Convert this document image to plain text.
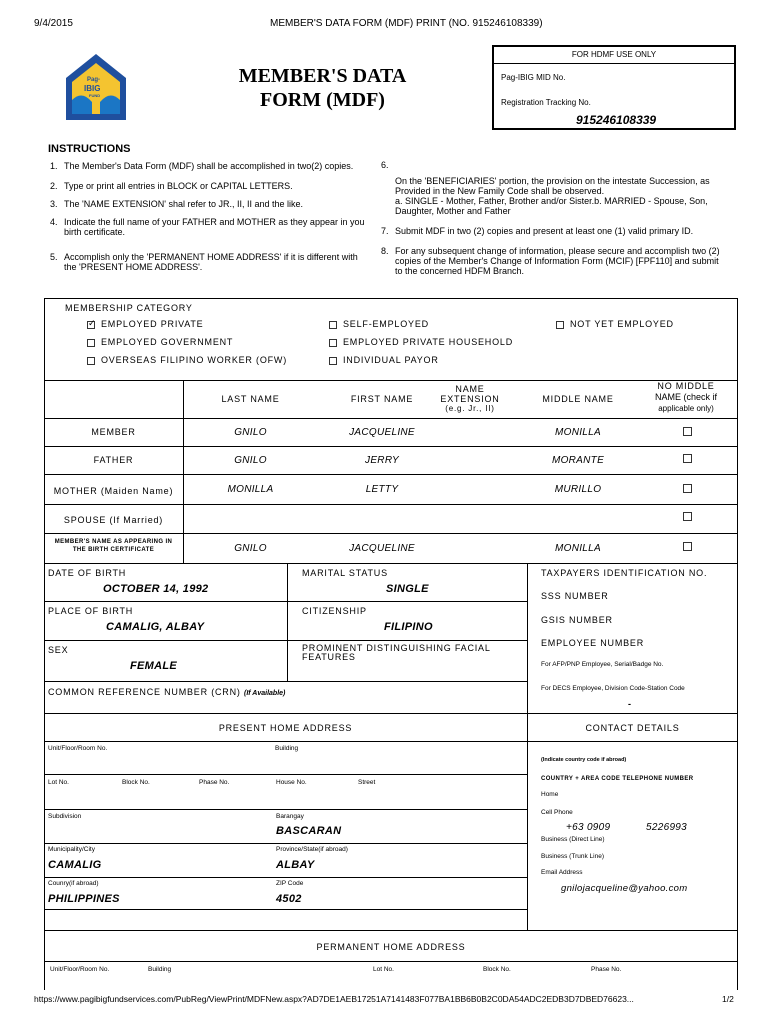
9/4/2015	MEMBER'S DATA FORM (MDF) PRINT (NO. 915246108339)
Pag-
IBIG
FUND
MEMBER'S DATA
FORM (MDF)
FOR HDMF USE ONLY
Pag-IBIG MID No.
Registration Tracking No.
915246108339
INSTRUCTIONS
1. The Member's Data Form (MDF) shall be accomplished in two(2) copies.
2. Type or print all entries in BLOCK or CAPITAL LETTERS.
3. The 'NAME EXTENSION' shal refer to JR., II, II and the like.
4. Indicate the full name of your FATHER and MOTHER as they appear in you birth certificate.
5. Accomplish only the 'PERMANENT HOME ADDRESS' if it is different with the 'PRESENT HOME ADDRESS'.
6.
On the 'BENEFICIARIES' portion, the provision on the intestate Succession, as Provided in the New Family Code shall be observed.
a. SINGLE - Mother, Father, Brother and/or Sister.b. MARRIED - Spouse, Son, Daughter, Mother and Father
7. Submit MDF in two (2) copies and present at least one (1) valid primary ID.
8. For any subsequent change of information, please secure and accomplish two (2) copies of the Member's Change of Information Form (MCIF) [FPF110] and submit to the concerned HDFM Branch.
MEMBERSHIP CATEGORY
✓EMPLOYED PRIVATE
EMPLOYED GOVERNMENT
OVERSEAS FILIPINO WORKER (OFW)
SELF-EMPLOYED
EMPLOYED PRIVATE HOUSEHOLD
INDIVIDUAL PAYOR
NOT YET EMPLOYED
LAST NAME	FIRST NAME
NAME
EXTENSION
(e.g. Jr., II)
MIDDLE NAME
NO MIDDLE
NAME (check if
applicable only)
MEMBER	GNILO	JACQUELINE	MONILLA
FATHER	GNILO	JERRY	MORANTE
MOTHER (Maiden Name)	MONILLA	LETTY	MURILLO
SPOUSE (If Married)
MEMBER'S NAME AS APPEARING IN THE BIRTH CERTIFICATE	GNILO	JACQUELINE	MONILLA
DATE OF BIRTH
OCTOBER 14, 1992
MARITAL STATUS
SINGLE
PLACE OF BIRTH
CAMALIG, ALBAY
CITIZENSHIP
FILIPINO
SEX
FEMALE
PROMINENT DISTINGUISHING FACIAL FEATURES
COMMON REFERENCE NUMBER (CRN) (If Available)
TAXPAYERS IDENTIFICATION NO.
SSS NUMBER
GSIS NUMBER
EMPLOYEE NUMBER
For AFP/PNP Employee, Serial/Badge No.
For DECS Employee, Division Code-Station Code
-
PRESENT HOME ADDRESS	CONTACT DETAILS
Unit/Floor/Room No.	Building
Lot No.	Block No.	Phase No.	House No.	Street
Subdivision	Barangay
BASCARAN
Municipality/City
CAMALIG
Province/State(if abroad)
ALBAY
Counry(if abroad)
PHILIPPINES
ZIP Code
4502
(Indicate country code if abroad)
COUNTRY + AREA CODE TELEPHONE NUMBER
Home
Cell Phone
+63 0909	5226993
Business (Direct Line)
Business (Trunk Line)
Email Address
gnilojacqueline@yahoo.com
PERMANENT HOME ADDRESS
Unit/Floor/Room No.	Building	Lot No.	Block No.	Phase No.
https://www.pagibigfundservices.com/PubReg/ViewPrint/MDFNew.aspx?AD7DE1AEB17251A7141483F077BA1BB6B0B2C0DA54ADC2EDB3D7DBED76623...	1/2
